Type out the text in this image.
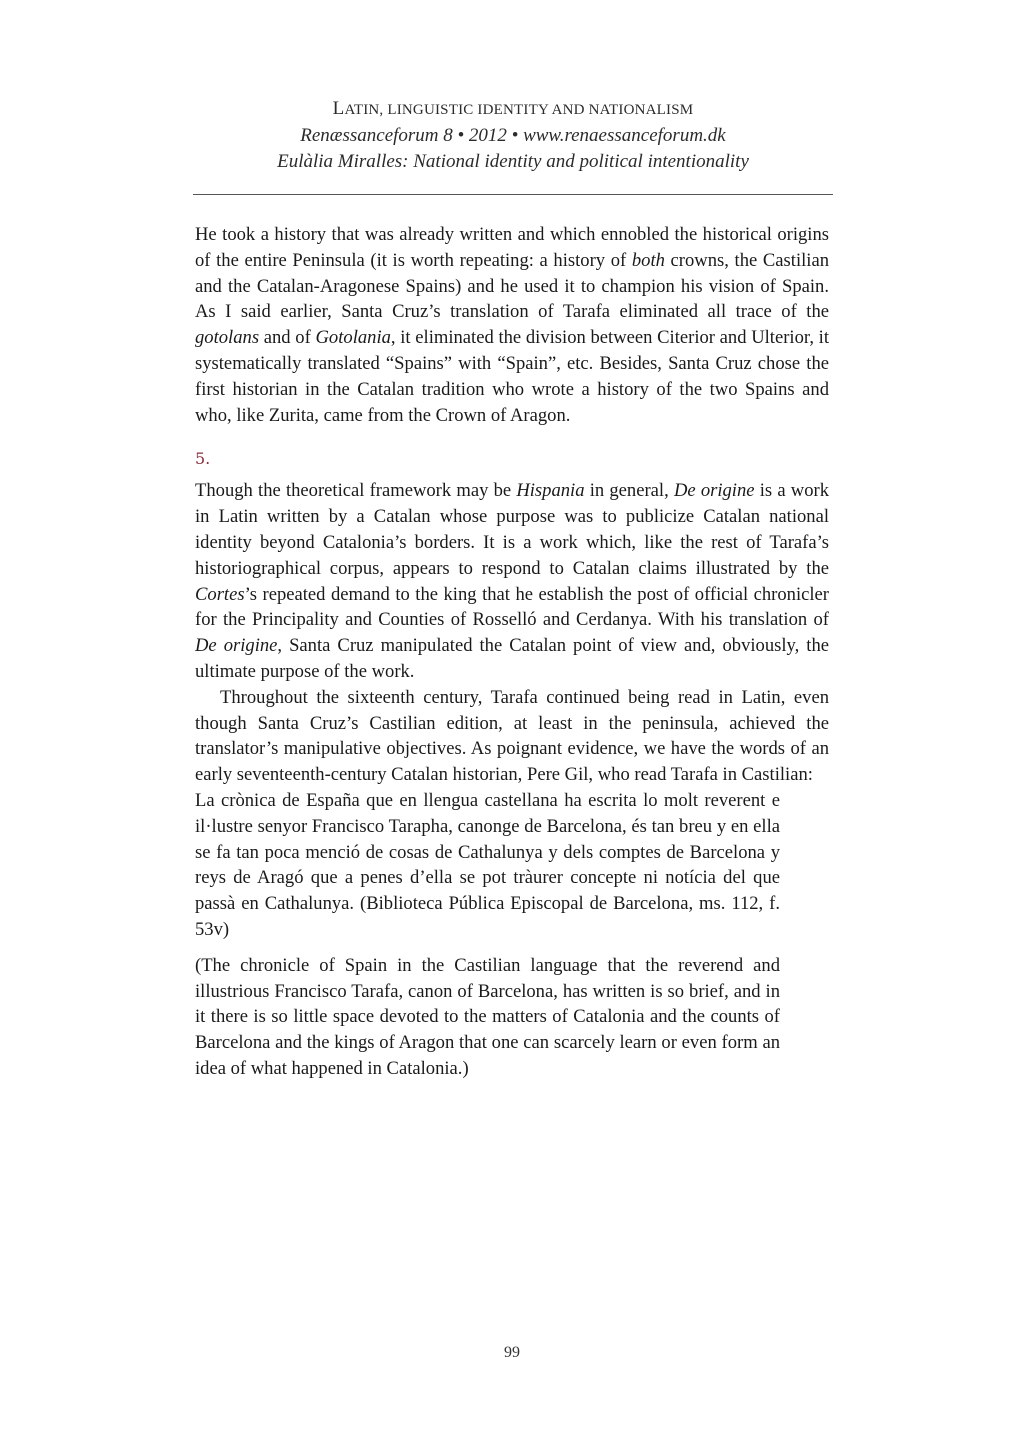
LATIN, LINGUISTIC IDENTITY AND NATIONALISM
Renæssanceforum 8 • 2012 • www.renaessanceforum.dk
Eulàlia Miralles: National identity and political intentionality

He took a history that was already written and which ennobled the historical origins of the entire Peninsula (it is worth repeating: a history of both crowns, the Castilian and the Catalan-Aragonese Spains) and he used it to champion his vision of Spain. As I said earlier, Santa Cruz’s translation of Tarafa eliminated all trace of the gotolans and of Gotolania, it eliminated the division between Citerior and Ulterior, it systematically translated “Spains” with “Spain”, etc. Besides, Santa Cruz chose the first historian in the Catalan tradition who wrote a history of the two Spains and who, like Zurita, came from the Crown of Aragon.

5.

Though the theoretical framework may be Hispania in general, De origine is a work in Latin written by a Catalan whose purpose was to publicize Catalan national identity beyond Catalonia’s borders. It is a work which, like the rest of Tarafa’s historiographical corpus, appears to respond to Catalan claims illustrated by the Cortes’s repeated demand to the king that he establish the post of official chronicler for the Principality and Counties of Rosselló and Cerdanya. With his translation of De origine, Santa Cruz manipulated the Catalan point of view and, obviously, the ultimate purpose of the work.

Throughout the sixteenth century, Tarafa continued being read in Latin, even though Santa Cruz’s Castilian edition, at least in the peninsula, achieved the translator’s manipulative objectives. As poignant evidence, we have the words of an early seventeenth-century Catalan historian, Pere Gil, who read Tarafa in Castilian:

La crònica de España que en llengua castellana ha escrita lo molt reverent e il·lustre senyor Francisco Tarapha, canonge de Barcelona, és tan breu y en ella se fa tan poca menció de cosas de Cathalunya y dels comptes de Barcelona y reys de Aragó que a penes d’ella se pot tràurer concepte ni notícia del que passà en Cathalunya. (Biblioteca Pública Episcopal de Barcelona, ms. 112, f. 53v)

(The chronicle of Spain in the Castilian language that the reverend and illustrious Francisco Tarafa, canon of Barcelona, has written is so brief, and in it there is so little space devoted to the matters of Catalonia and the counts of Barcelona and the kings of Aragon that one can scarcely learn or even form an idea of what happened in Catalonia.)

99
